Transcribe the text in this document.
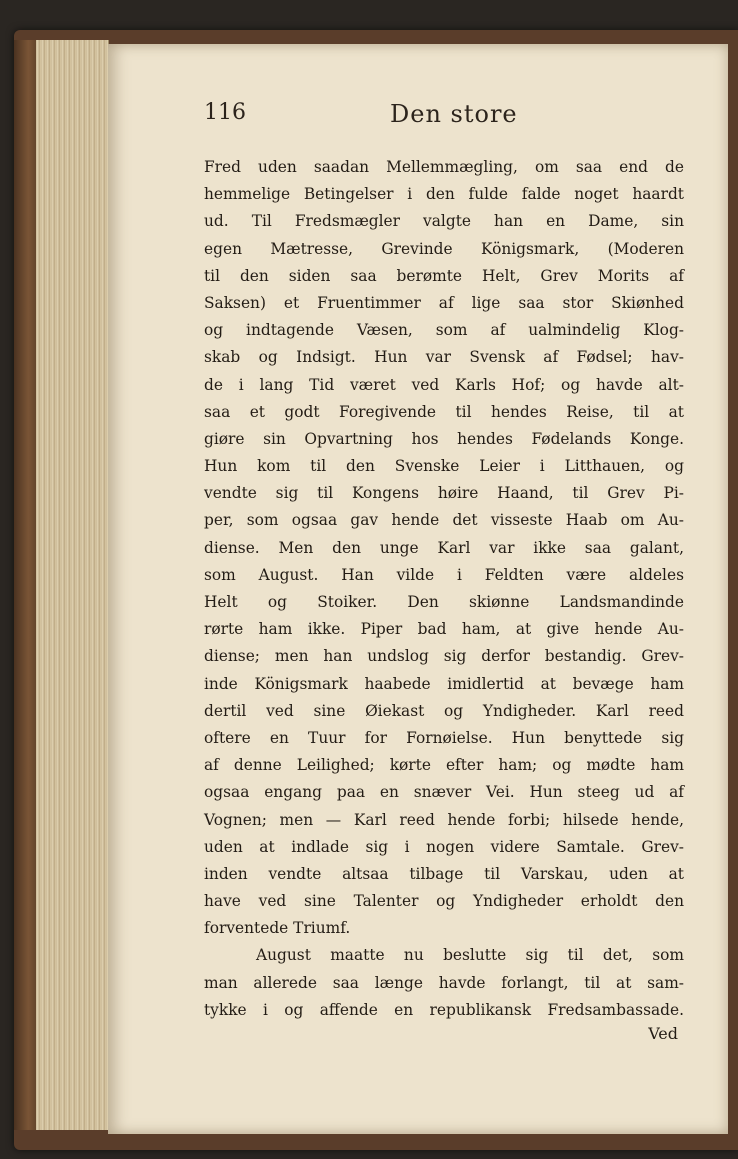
116	Den store
Fred uden saadan Mellemmægling, om saa end de
hemmelige Betingelser i den fulde falde noget haardt
ud. Til Fredsmægler valgte han en Dame, sin
egen Mætresse, Grevinde Königsmark, (Moderen
til den siden saa berømte Helt, Grev Morits af
Saksen) et Fruentimmer af lige saa stor Skiønhed
og indtagende Væsen, som af ualmindelig Klog-
skab og Indsigt. Hun var Svensk af Fødsel; hav-
de i lang Tid været ved Karls Hof; og havde alt-
saa et godt Foregivende til hendes Reise, til at
giøre sin Opvartning hos hendes Fødelands Konge.
Hun kom til den Svenske Leier i Litthauen, og
vendte sig til Kongens høire Haand, til Grev Pi-
per, som ogsaa gav hende det visseste Haab om Au-
diense. Men den unge Karl var ikke saa galant,
som August. Han vilde i Feldten være aldeles
Helt og Stoiker. Den skiønne Landsmandinde
rørte ham ikke. Piper bad ham, at give hende Au-
diense; men han undslog sig derfor bestandig. Grev-
inde Königsmark haabede imidlertid at bevæge ham
dertil ved sine Øiekast og Yndigheder. Karl reed
oftere en Tuur for Fornøielse. Hun benyttede sig
af denne Leilighed; kørte efter ham; og mødte ham
ogsaa engang paa en snæver Vei. Hun steeg ud af
Vognen; men — Karl reed hende forbi; hilsede hende,
uden at indlade sig i nogen videre Samtale. Grev-
inden vendte altsaa tilbage til Varskau, uden at
have ved sine Talenter og Yndigheder erholdt den
forventede Triumf.
August maatte nu beslutte sig til det, som
man allerede saa længe havde forlangt, til at sam-
tykke i og affende en republikansk Fredsambassade.
Ved
